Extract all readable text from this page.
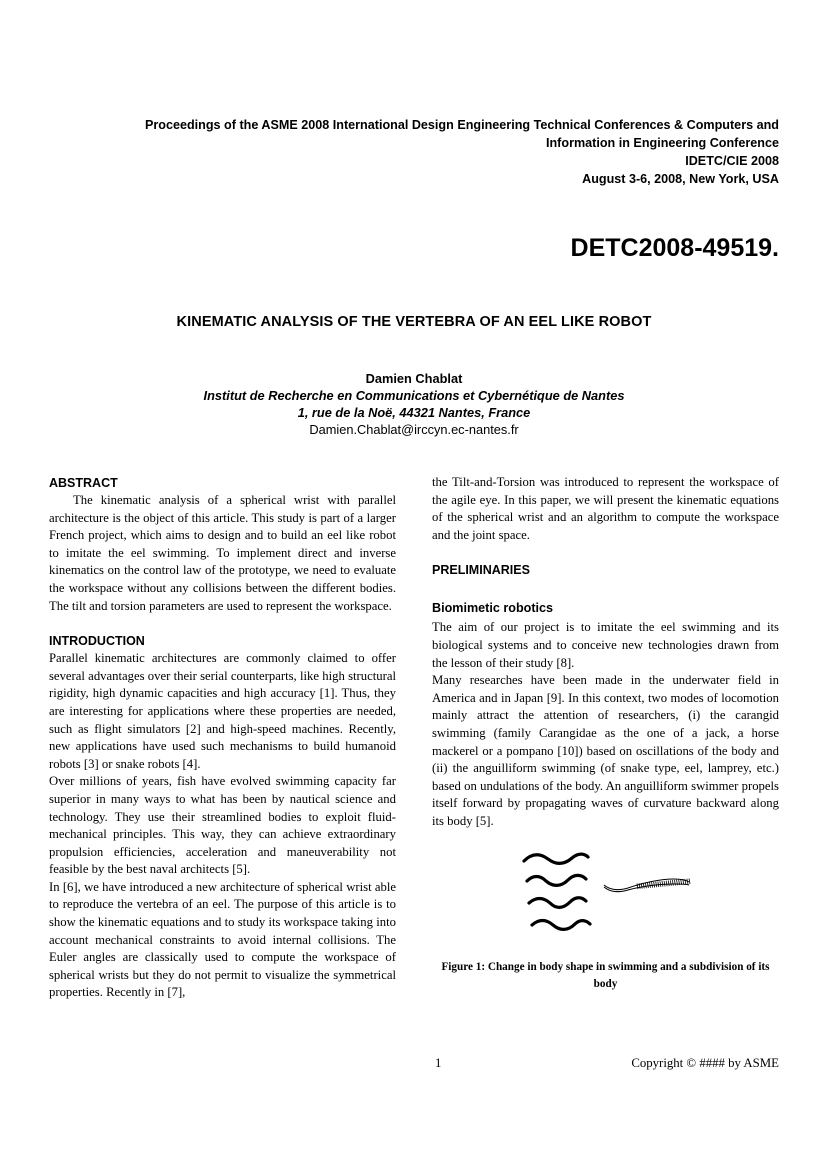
Proceedings of the ASME 2008 International Design Engineering Technical Conferences & Computers and
Information in Engineering Conference
IDETC/CIE 2008
August 3-6, 2008, New York, USA
DETC2008-49519.
KINEMATIC ANALYSIS OF THE VERTEBRA OF AN EEL LIKE ROBOT
Damien Chablat
Institut de Recherche en Communications et Cybernétique de Nantes
1, rue de la Noë, 44321 Nantes, France
Damien.Chablat@irccyn.ec-nantes.fr
ABSTRACT

The kinematic analysis of a spherical wrist with parallel architecture is the object of this article. This study is part of a larger French project, which aims to design and to build an eel like robot to imitate the eel swimming. To implement direct and inverse kinematics on the control law of the prototype, we need to evaluate the workspace without any collisions between the different bodies. The tilt and torsion parameters are used to represent the workspace.

INTRODUCTION

Parallel kinematic architectures are commonly claimed to offer several advantages over their serial counterparts, like high structural rigidity, high dynamic capacities and high accuracy [1]. Thus, they are interesting for applications where these properties are needed, such as flight simulators [2] and high-speed machines. Recently, new applications have used such mechanisms to build humanoid robots [3] or snake robots [4].

Over millions of years, fish have evolved swimming capacity far superior in many ways to what has been by nautical science and technology. They use their streamlined bodies to exploit fluid-mechanical principles. This way, they can achieve extraordinary propulsion efficiencies, acceleration and maneuverability not feasible by the best naval architects [5].

In [6], we have introduced a new architecture of spherical wrist able to reproduce the vertebra of an eel. The purpose of this article is to show the kinematic equations and to study its workspace taking into account mechanical constraints to avoid internal collisions. The Euler angles are classically used to compute the workspace of spherical wrists but they do not permit to visualize the symmetrical properties. Recently in [7],

the Tilt-and-Torsion was introduced to represent the workspace of the agile eye. In this paper, we will present the kinematic equations of the spherical wrist and an algorithm to compute the workspace and the joint space.

PRELIMINARIES
Biomimetic robotics

The aim of our project is to imitate the eel swimming and its biological systems and to conceive new technologies drawn from the lesson of their study [8].

Many researches have been made in the underwater field in America and in Japan [9]. In this context, two modes of locomotion mainly attract the attention of researchers, (i) the carangid swimming (family Carangidae as the one of a jack, a horse mackerel or a pompano [10]) based on oscillations of the body and (ii) the anguilliform swimming (of snake type, eel, lamprey, etc.) based on undulations of the body. An anguilliform swimmer propels itself forward by propagating waves of curvature backward along its body [5].

Figure 1: Change in body shape in swimming and a subdivision of its body

1	Copyright © #### by ASME
